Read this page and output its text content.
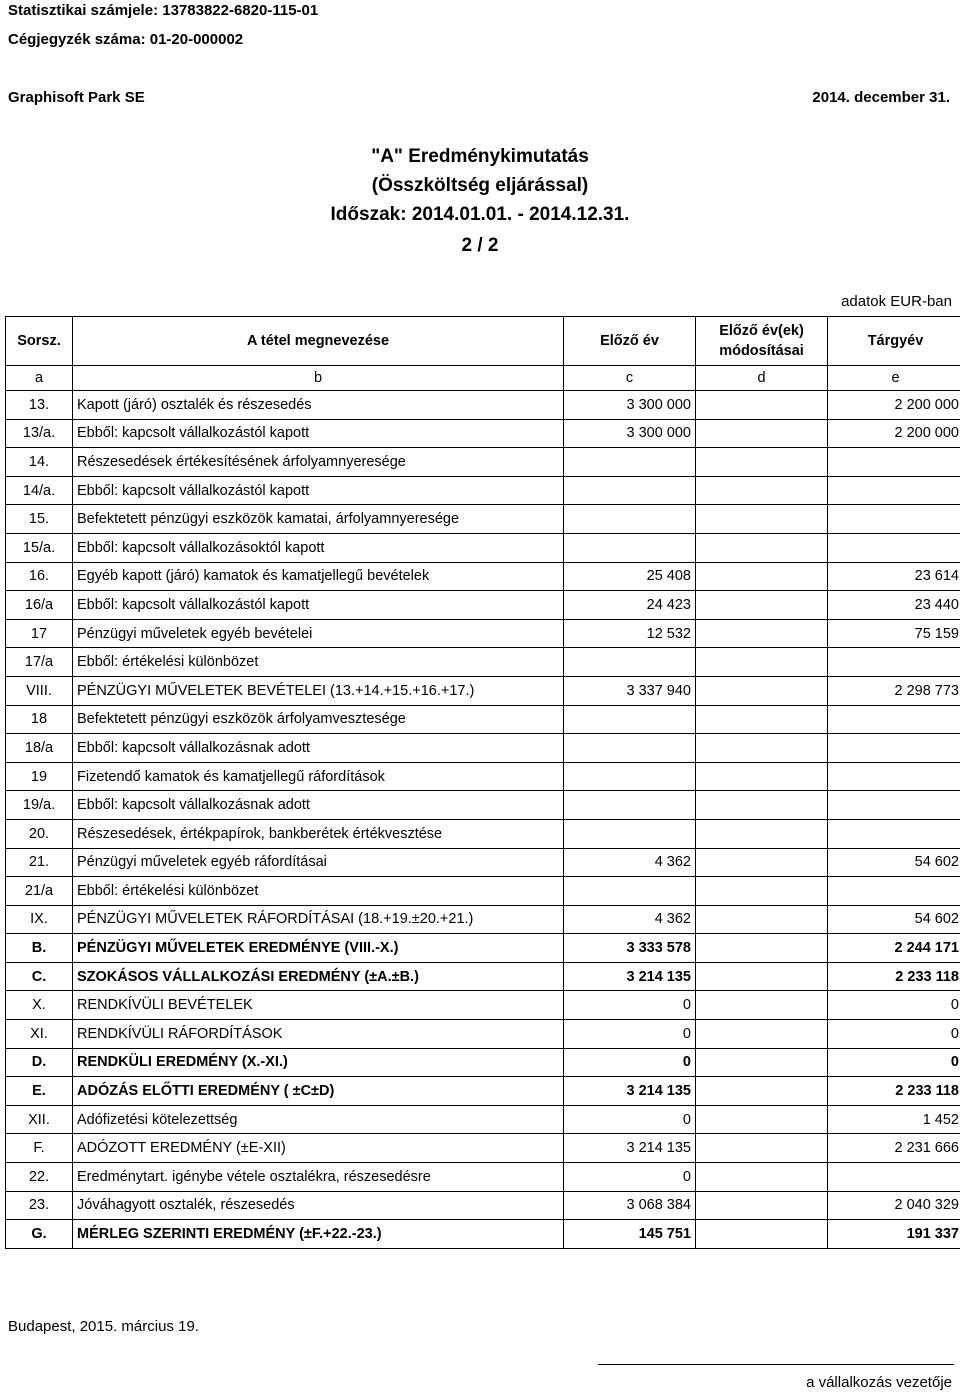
Statisztikai számjele: 13783822-6820-115-01
Cégjegyzék száma: 01-20-000002
Graphisoft Park SE	2014. december 31.
"A" Eredménykimutatás
(Összköltség eljárással)
Időszak: 2014.01.01. - 2014.12.31.
2 / 2
adatok EUR-ban
Sorsz.	A tétel megnevezése	Előző év	Előző év(ek)
módosításai	Tárgyév
a	b	c	d	e
13.	Kapott (járó) osztalék és részesedés	3 300 000		2 200 000
13/a.	Ebből: kapcsolt vállalkozástól kapott	3 300 000		2 200 000
14.	Részesedések értékesítésének árfolyamnyeresége			
14/a.	Ebből: kapcsolt vállalkozástól kapott			
15.	Befektetett pénzügyi eszközök kamatai, árfolyamnyeresége			
15/a.	Ebből: kapcsolt vállalkozásoktól kapott			
16.	Egyéb kapott (járó) kamatok és kamatjellegű bevételek	25 408		23 614
16/a	Ebből: kapcsolt vállalkozástól kapott	24 423		23 440
17	Pénzügyi műveletek egyéb bevételei	12 532		75 159
17/a	Ebből: értékelési különbözet			
VIII.	PÉNZÜGYI MŰVELETEK BEVÉTELEI (13.+14.+15.+16.+17.)	3 337 940		2 298 773
18	Befektetett pénzügyi eszközök árfolyamvesztesége			
18/a	Ebből: kapcsolt vállalkozásnak adott			
19	Fizetendő kamatok és kamatjellegű ráfordítások			
19/a.	Ebből: kapcsolt vállalkozásnak adott			
20.	Részesedések, értékpapírok, bankberétek értékvesztése			
21.	Pénzügyi műveletek egyéb ráfordításai	4 362		54 602
21/a	Ebből: értékelési különbözet			
IX.	PÉNZÜGYI MŰVELETEK RÁFORDÍTÁSAI (18.+19.±20.+21.)	4 362		54 602
B.	PÉNZÜGYI MŰVELETEK EREDMÉNYE (VIII.-X.)	3 333 578		2 244 171
C.	SZOKÁSOS VÁLLALKOZÁSI EREDMÉNY (±A.±B.)	3 214 135		2 233 118
X.	RENDKÍVÜLI BEVÉTELEK	0		0
XI.	RENDKÍVÜLI RÁFORDÍTÁSOK	0		0
D.	RENDKÜLI EREDMÉNY (X.-XI.)	0		0
E.	ADÓZÁS ELŐTTI EREDMÉNY ( ±C±D)	3 214 135		2 233 118
XII.	Adófizetési kötelezettség	0		1 452
F.	ADÓZOTT EREDMÉNY (±E-XII)	3 214 135		2 231 666
22.	Eredménytart. igénybe vétele osztalékra, részesedésre	0		
23.	Jóváhagyott osztalék, részesedés	3 068 384		2 040 329
G.	MÉRLEG SZERINTI EREDMÉNY (±F.+22.-23.)	145 751		191 337
Budapest, 2015. március 19.
a vállalkozás vezetője
